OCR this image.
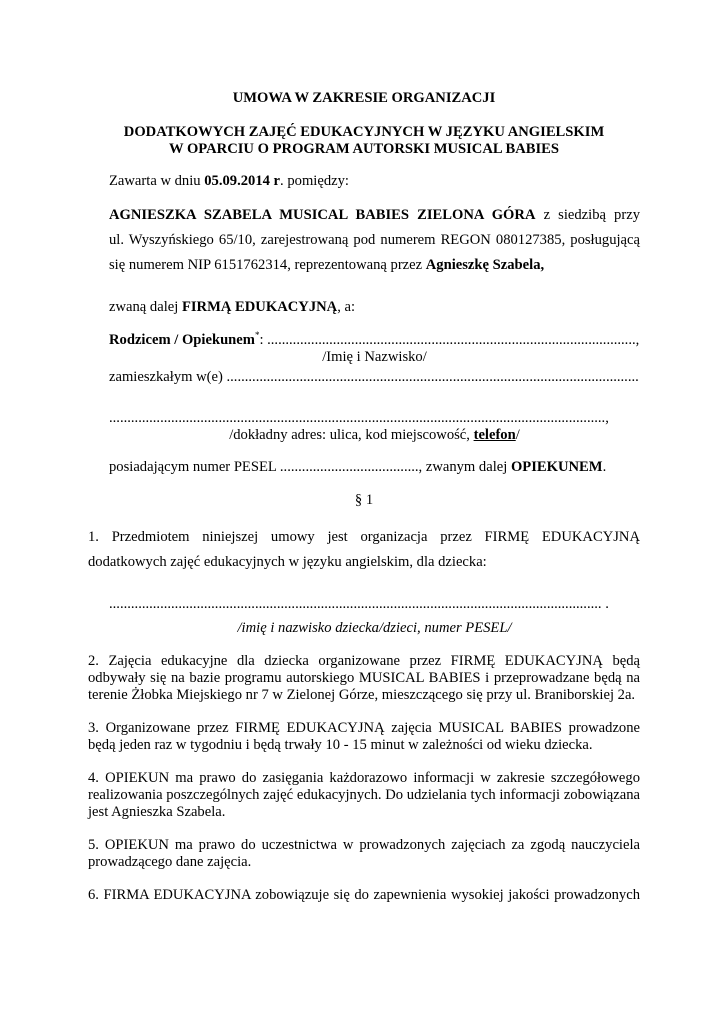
UMOWA W ZAKRESIE ORGANIZACJI
DODATKOWYCH ZAJĘĆ EDUKACYJNYCH W JĘZYKU ANGIELSKIM
W OPARCIU O PROGRAM AUTORSKI MUSICAL BABIES
Zawarta w dniu 05.09.2014 r. pomiędzy:
AGNIESZKA SZABELA MUSICAL BABIES ZIELONA GÓRA z siedzibą przy
ul. Wyszyńskiego 65/10, zarejestrowaną pod numerem REGON 080127385, posługującą
się numerem NIP 6151762314, reprezentowaną przez Agnieszkę Szabela,
zwaną dalej FIRMĄ EDUKACYJNĄ, a:
Rodzicem / Opiekunem*: .....................................................................................................,
/Imię i Nazwisko/
zamieszkałym w(e) .................................................................................................................
........................................................................................................................................,
/dokładny adres: ulica, kod miejscowość, telefon/
posiadającym numer PESEL ......................................, zwanym dalej OPIEKUNEM.
§ 1
1. Przedmiotem niniejszej umowy jest organizacja przez FIRMĘ EDUKACYJNĄ
dodatkowych zajęć edukacyjnych w języku angielskim, dla dziecka:
....................................................................................................................................... .
/imię i nazwisko dziecka/dzieci, numer PESEL/
2. Zajęcia edukacyjne dla dziecka organizowane przez FIRMĘ EDUKACYJNĄ będą
odbywały się na bazie programu autorskiego MUSICAL BABIES i przeprowadzane będą na
terenie Żłobka Miejskiego nr 7 w Zielonej Górze, mieszczącego się przy ul. Braniborskiej 2a.
3. Organizowane przez FIRMĘ EDUKACYJNĄ zajęcia MUSICAL BABIES prowadzone
będą jeden raz w tygodniu i będą trwały 10 - 15 minut w zależności od wieku dziecka.
4. OPIEKUN ma prawo do zasięgania każdorazowo informacji w zakresie szczegółowego
realizowania poszczególnych zajęć edukacyjnych. Do udzielania tych informacji zobowiązana
jest Agnieszka Szabela.
5. OPIEKUN ma prawo do uczestnictwa w prowadzonych zajęciach za zgodą nauczyciela
prowadzącego dane zajęcia.
6. FIRMA EDUKACYJNA zobowiązuje się do zapewnienia wysokiej jakości prowadzonych
